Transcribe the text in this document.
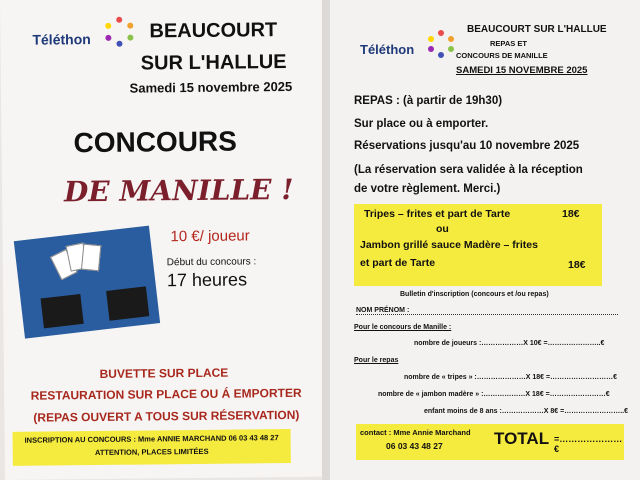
Téléthon	BEAUCOURT
SUR L'HALLUE
Samedi 15 novembre 2025
CONCOURS
DE MANILLE !
10 €/ joueur
Début du concours :
17 heures
BUVETTE SUR PLACE
RESTAURATION SUR PLACE OU Á EMPORTER
(REPAS OUVERT A TOUS SUR RÉSERVATION)
INSCRIPTION AU CONCOURS : Mme ANNIE MARCHAND 06 03 43 48 27
ATTENTION, PLACES LIMITÉES
Téléthon
BEAUCOURT SUR L'HALLUE
REPAS ET
CONCOURS DE MANILLE
SAMEDI 15 NOVEMBRE 2025
REPAS : (à partir de 19h30)
Sur place ou à emporter.
Réservations jusqu'au 10 novembre 2025
(La réservation sera validée à la réception
de votre règlement. Merci.)
Tripes – frites et part de Tarte	18€
ou
Jambon grillé sauce Madère – frites
et part de Tarte	18€
Bulletin d'inscription (concours et /ou repas)
NOM PRÉNOM :
Pour le concours de Manille :
nombre de joueurs :………………X 10€ =…………………..€
Pour le repas
nombre de « tripes » :…………………X 18€ =………………………€
nombre de « jambon madère » :………………X 18€ =……………………€
enfant moins de 8 ans :………………X 8€ =……………………..€
contact : Mme Annie Marchand
06 03 43 48 27	TOTAL =…………………€
